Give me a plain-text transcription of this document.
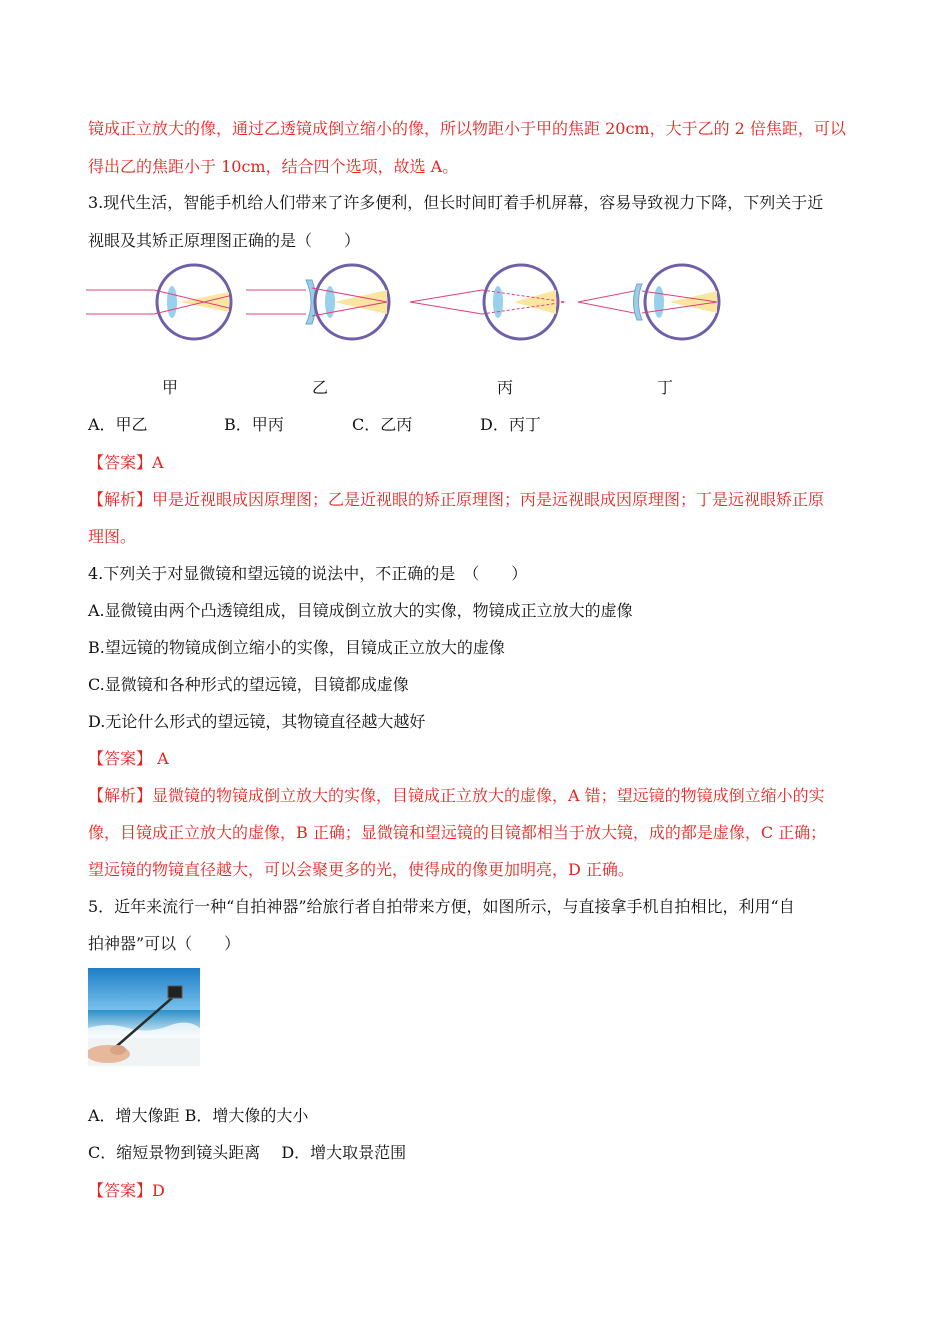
镜成正立放大的像，通过乙透镜成倒立缩小的像，所以物距小于甲的焦距 20cm，大于乙的 2 倍焦距，可以
得出乙的焦距小于 10cm，结合四个选项，故选 A。
3.现代生活，智能手机给人们带来了许多便利，但长时间盯着手机屏幕，容易导致视力下降，下列关于近
视眼及其矫正原理图正确的是（　　）
甲	乙	丙	丁
A．甲乙	B．甲丙	C．乙丙	D．丙丁
【答案】A
【解析】甲是近视眼成因原理图；乙是近视眼的矫正原理图；丙是远视眼成因原理图；丁是远视眼矫正原
理图。
4.下列关于对显微镜和望远镜的说法中，不正确的是　（　　）
A.显微镜由两个凸透镜组成，目镜成倒立放大的实像，物镜成正立放大的虚像
B.望远镜的物镜成倒立缩小的实像，目镜成正立放大的虚像
C.显微镜和各种形式的望远镜，目镜都成虚像
D.无论什么形式的望远镜，其物镜直径越大越好
【答案】 A
【解析】显微镜的物镜成倒立放大的实像，目镜成正立放大的虚像，A 错；望远镜的物镜成倒立缩小的实
像，目镜成正立放大的虚像，B 正确；显微镜和望远镜的目镜都相当于放大镜，成的都是虚像，C 正确；
望远镜的物镜直径越大，可以会聚更多的光，使得成的像更加明亮，D 正确。
5．近年来流行一种“自拍神器”给旅行者自拍带来方便，如图所示，与直接拿手机自拍相比，利用“自
拍神器”可以（　　）
A．增大像距 B．增大像的大小
C．缩短景物到镜头距离　 D．增大取景范围
【答案】D
